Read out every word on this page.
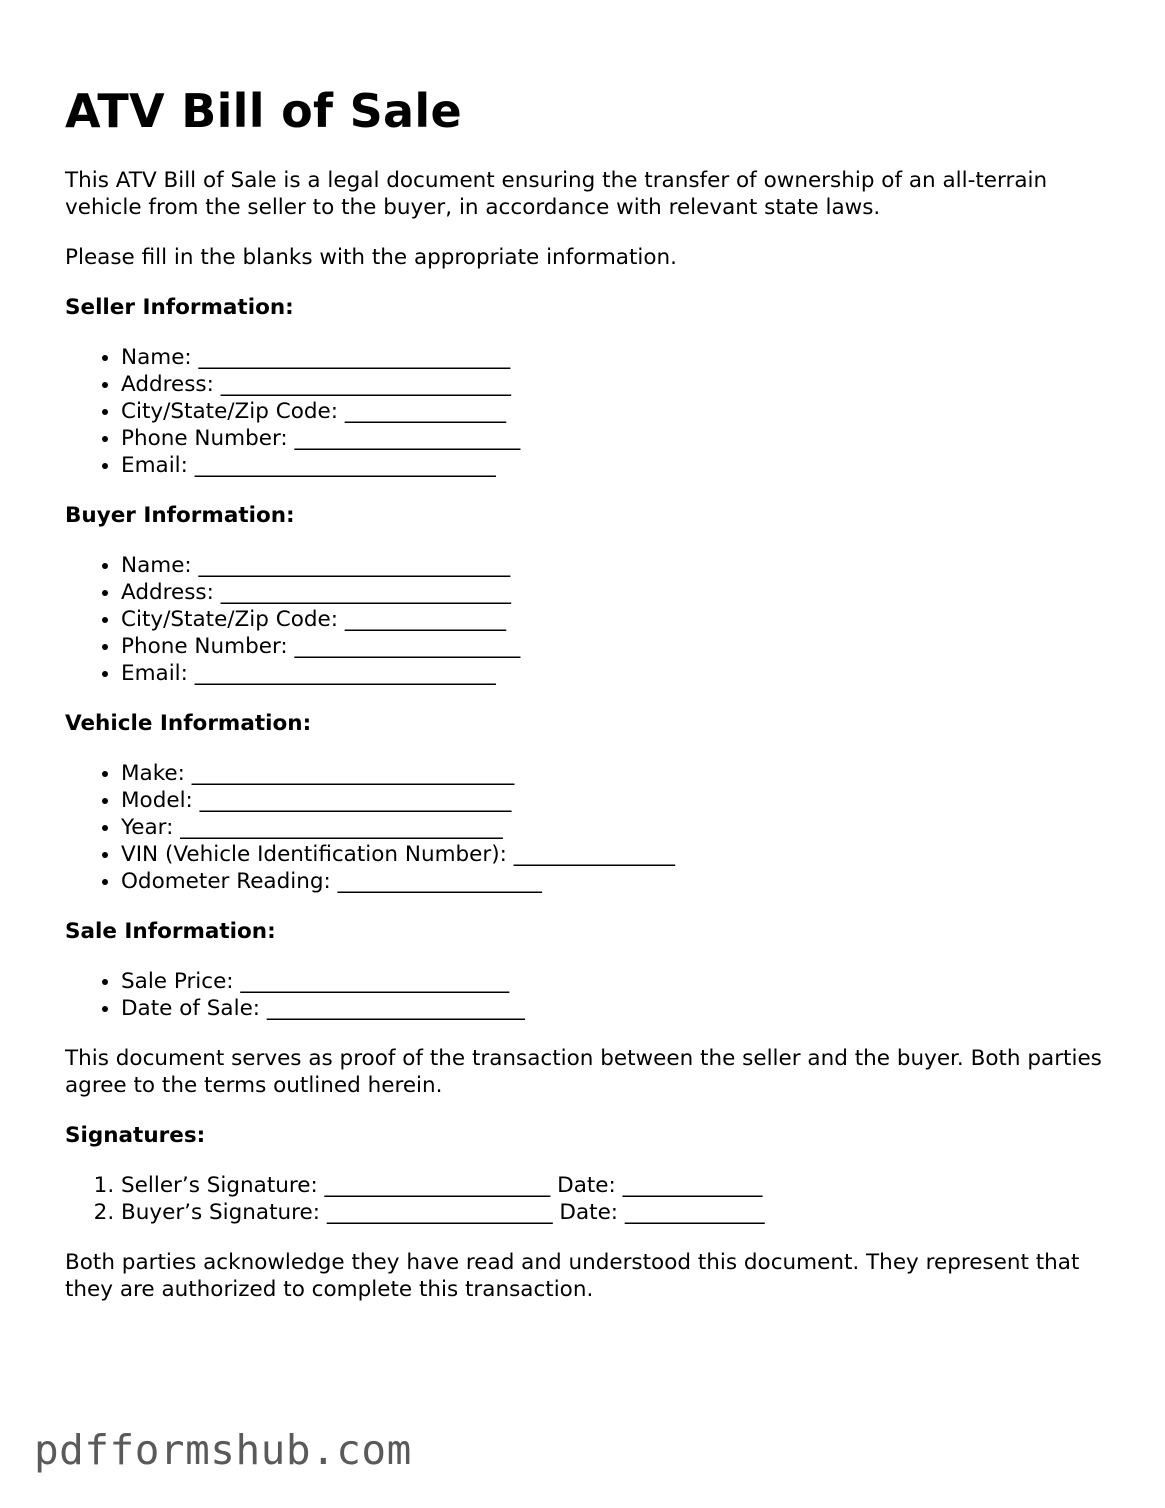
ATV Bill of Sale

This ATV Bill of Sale is a legal document ensuring the transfer of ownership of an all-terrain vehicle from the seller to the buyer, in accordance with relevant state laws.

Please fill in the blanks with the appropriate information.

Seller Information:
• Name: _____________________________
• Address: ___________________________
• City/State/Zip Code: _______________
• Phone Number: _____________________
• Email: ____________________________
Buyer Information:
• Name: _____________________________
• Address: ___________________________
• City/State/Zip Code: _______________
• Phone Number: _____________________
• Email: ____________________________
Vehicle Information:
• Make: ______________________________
• Model: _____________________________
• Year: ______________________________
• VIN (Vehicle Identification Number): _______________
• Odometer Reading: ___________________
Sale Information:
• Sale Price: _________________________
• Date of Sale: ________________________

This document serves as proof of the transaction between the seller and the buyer. Both parties agree to the terms outlined herein.

Signatures:
1. Seller’s Signature: _____________________ Date: _____________
2. Buyer’s Signature: _____________________ Date: _____________

Both parties acknowledge they have read and understood this document. They represent that they are authorized to complete this transaction.

pdfformshub.com
